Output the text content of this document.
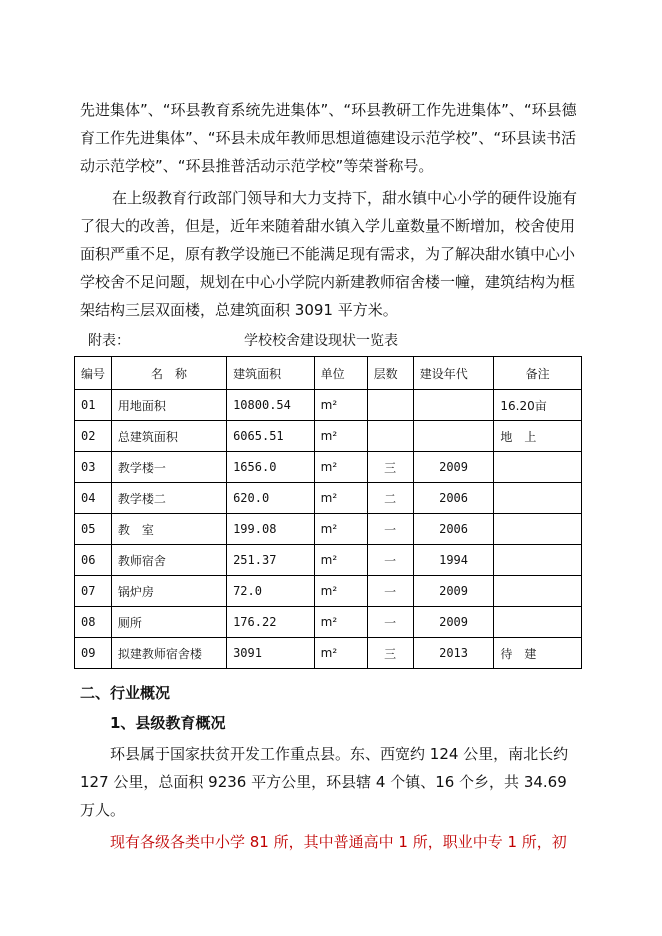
先进集体”、“环县教育系统先进集体”、“环县教研工作先进集体”、“环县德育工作先进集体”、“环县未成年教师思想道德建设示范学校”、“环县读书活动示范学校”、“环县推普活动示范学校”等荣誉称号。

在上级教育行政部门领导和大力支持下，甜水镇中心小学的硬件设施有了很大的改善，但是，近年来随着甜水镇入学儿童数量不断增加，校舍使用面积严重不足，原有教学设施已不能满足现有需求，为了解决甜水镇中心小学校舍不足问题，规划在中心小学院内新建教师宿舍楼一幢，建筑结构为框架结构三层双面楼，总建筑面积 3091 平方米。

附表：	学校校舍建设现状一览表
编号	名　称	建筑面积	单位	层数	建设年代	备注
01	用地面积	10800.54	m²			16.20亩
02	总建筑面积	6065.51	m²			地　上
03	教学楼一	1656.0	m²	三	2009	
04	教学楼二	620.0	m²	二	2006	
05	教　室	199.08	m²	一	2006	
06	教师宿舍	251.37	m²	一	1994	
07	锅炉房	72.0	m²	一	2009	
08	厕所	176.22	m²	一	2009	
09	拟建教师宿舍楼	3091	m²	三	2013	待　建
二、行业概况
1、县级教育概况

环县属于国家扶贫开发工作重点县。东、西宽约 124 公里，南北长约127 公里，总面积 9236 平方公里，环县辖 4 个镇、16 个乡，共 34.69 万人。

现有各级各类中小学 81 所，其中普通高中 1 所，职业中专 1 所，初
